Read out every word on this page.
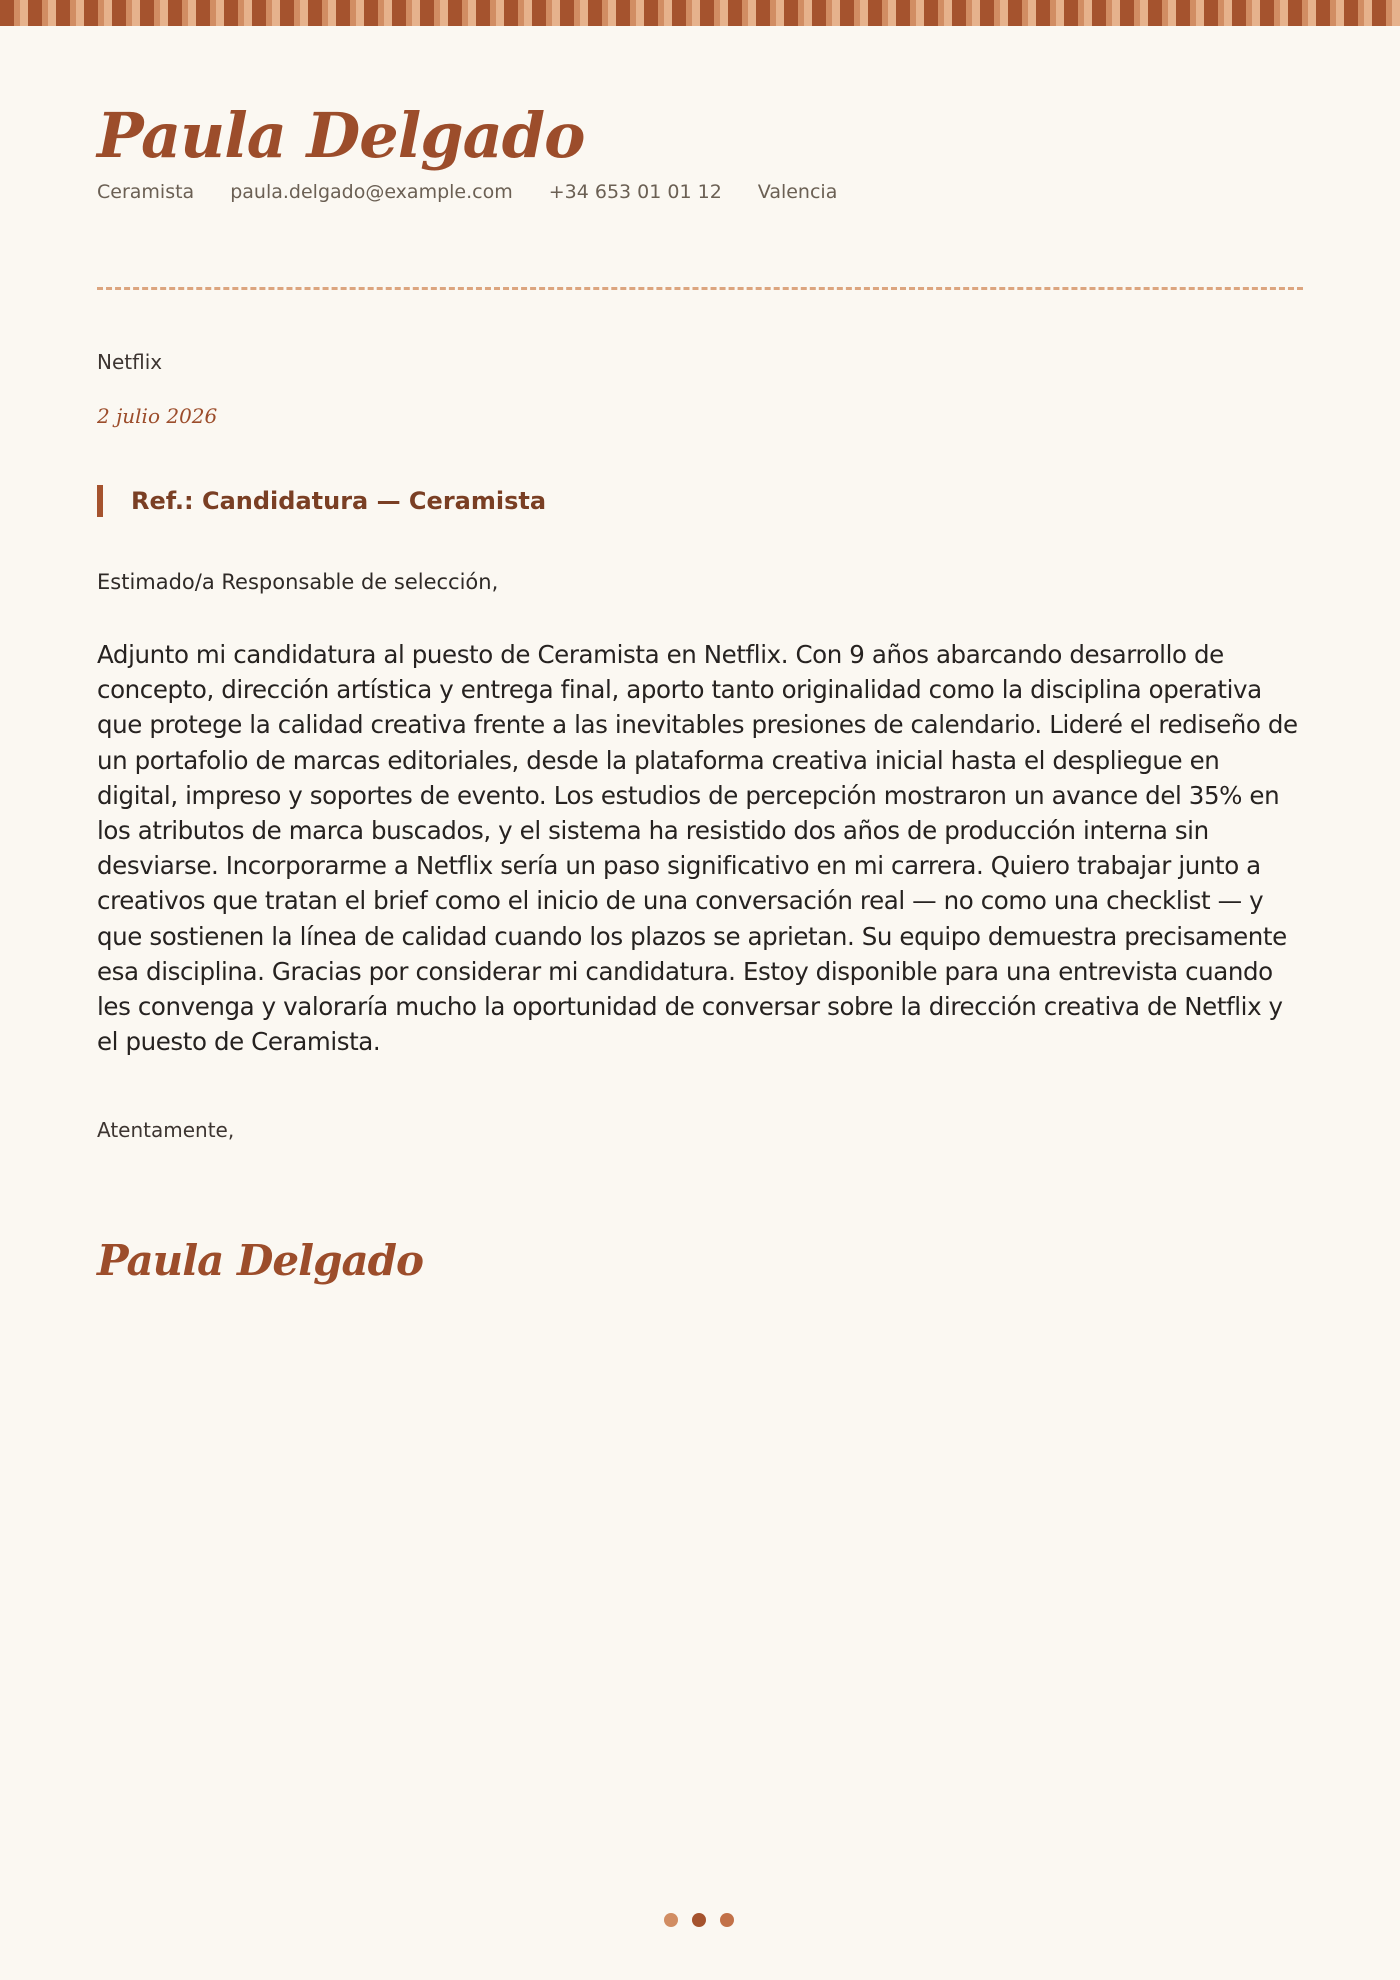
Paula Delgado
Ceramista paula.delgado@example.com +34 653 01 01 12 Valencia
Netflix
2 julio 2026
Ref.: Candidatura — Ceramista
Estimado/a Responsable de selección,

Adjunto mi candidatura al puesto de Ceramista en Netflix. Con 9 años abarcando desarrollo de concepto, dirección artística y entrega final, aporto tanto originalidad como la disciplina operativa que protege la calidad creativa frente a las inevitables presiones de calendario. Lideré el rediseño de un portafolio de marcas editoriales, desde la plataforma creativa inicial hasta el despliegue en digital, impreso y soportes de evento. Los estudios de percepción mostraron un avance del 35% en los atributos de marca buscados, y el sistema ha resistido dos años de producción interna sin desviarse. Incorporarme a Netflix sería un paso significativo en mi carrera. Quiero trabajar junto a creativos que tratan el brief como el inicio de una conversación real — no como una checklist — y que sostienen la línea de calidad cuando los plazos se aprietan. Su equipo demuestra precisamente esa disciplina. Gracias por considerar mi candidatura. Estoy disponible para una entrevista cuando les convenga y valoraría mucho la oportunidad de conversar sobre la dirección creativa de Netflix y el puesto de Ceramista.

Atentamente,
Paula Delgado
